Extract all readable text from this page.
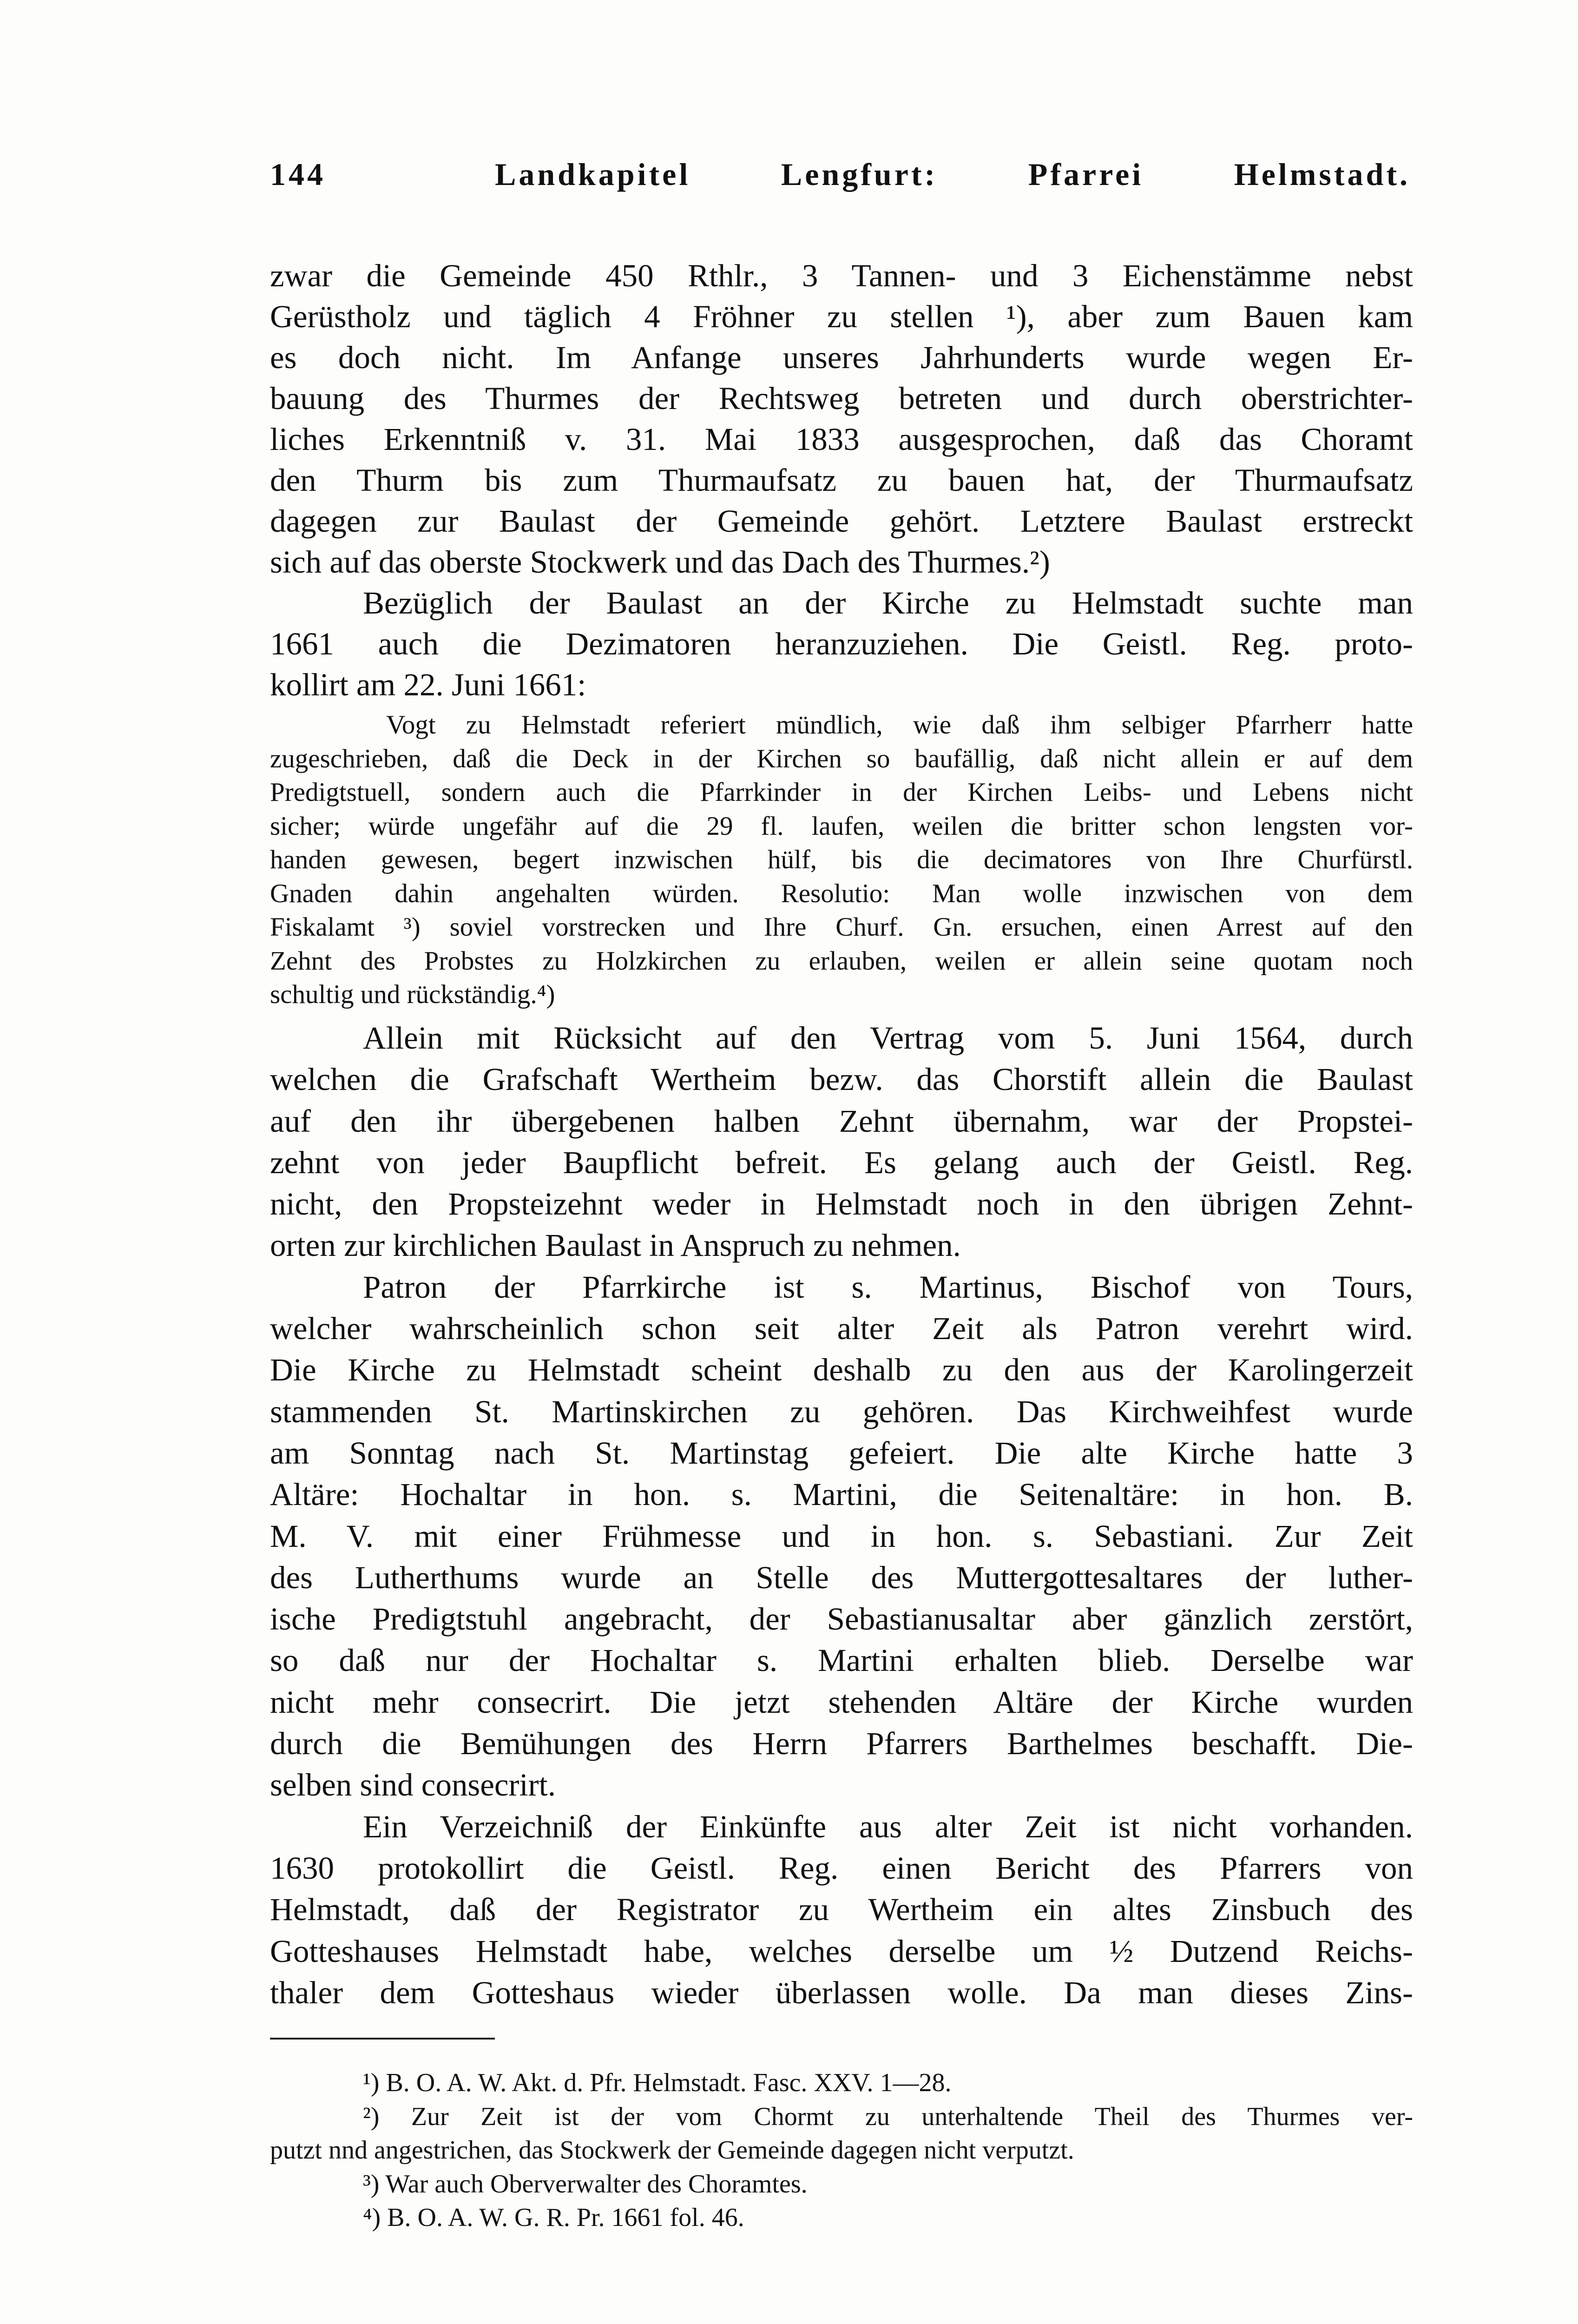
144	Landkapitel Lengfurt: Pfarrei Helmstadt.
zwar die Gemeinde 450 Rthlr., 3 Tannen- und 3 Eichenstämme nebst
Gerüstholz und täglich 4 Fröhner zu stellen ¹), aber zum Bauen kam
es doch nicht. Im Anfange unseres Jahrhunderts wurde wegen Er-
bauung des Thurmes der Rechtsweg betreten und durch oberstrichter-
liches Erkenntniß v. 31. Mai 1833 ausgesprochen, daß das Choramt
den Thurm bis zum Thurmaufsatz zu bauen hat, der Thurmaufsatz
dagegen zur Baulast der Gemeinde gehört. Letztere Baulast erstreckt
sich auf das oberste Stockwerk und das Dach des Thurmes.²)
Bezüglich der Baulast an der Kirche zu Helmstadt suchte man
1661 auch die Dezimatoren heranzuziehen. Die Geistl. Reg. proto-
kollirt am 22. Juni 1661:
Vogt zu Helmstadt referiert mündlich, wie daß ihm selbiger Pfarrherr hatte
zugeschrieben, daß die Deck in der Kirchen so baufällig, daß nicht allein er auf dem
Predigtstuell, sondern auch die Pfarrkinder in der Kirchen Leibs- und Lebens nicht
sicher; würde ungefähr auf die 29 fl. laufen, weilen die britter schon lengsten vor-
handen gewesen, begert inzwischen hülf, bis die decimatores von Ihre Churfürstl.
Gnaden dahin angehalten würden. Resolutio: Man wolle inzwischen von dem
Fiskalamt ³) soviel vorstrecken und Ihre Churf. Gn. ersuchen, einen Arrest auf den
Zehnt des Probstes zu Holzkirchen zu erlauben, weilen er allein seine quotam noch
schultig und rückständig.⁴)
Allein mit Rücksicht auf den Vertrag vom 5. Juni 1564, durch
welchen die Grafschaft Wertheim bezw. das Chorstift allein die Baulast
auf den ihr übergebenen halben Zehnt übernahm, war der Propstei-
zehnt von jeder Baupflicht befreit. Es gelang auch der Geistl. Reg.
nicht, den Propsteizehnt weder in Helmstadt noch in den übrigen Zehnt-
orten zur kirchlichen Baulast in Anspruch zu nehmen.
Patron der Pfarrkirche ist s. Martinus, Bischof von Tours,
welcher wahrscheinlich schon seit alter Zeit als Patron verehrt wird.
Die Kirche zu Helmstadt scheint deshalb zu den aus der Karolingerzeit
stammenden St. Martinskirchen zu gehören. Das Kirchweihfest wurde
am Sonntag nach St. Martinstag gefeiert. Die alte Kirche hatte 3
Altäre: Hochaltar in hon. s. Martini, die Seitenaltäre: in hon. B.
M. V. mit einer Frühmesse und in hon. s. Sebastiani. Zur Zeit
des Lutherthums wurde an Stelle des Muttergottesaltares der luther-
ische Predigtstuhl angebracht, der Sebastianusaltar aber gänzlich zerstört,
so daß nur der Hochaltar s. Martini erhalten blieb. Derselbe war
nicht mehr consecrirt. Die jetzt stehenden Altäre der Kirche wurden
durch die Bemühungen des Herrn Pfarrers Barthelmes beschafft. Die-
selben sind consecrirt.
Ein Verzeichniß der Einkünfte aus alter Zeit ist nicht vorhanden.
1630 protokollirt die Geistl. Reg. einen Bericht des Pfarrers von
Helmstadt, daß der Registrator zu Wertheim ein altes Zinsbuch des
Gotteshauses Helmstadt habe, welches derselbe um ½ Dutzend Reichs-
thaler dem Gotteshaus wieder überlassen wolle. Da man dieses Zins-
¹) B. O. A. W. Akt. d. Pfr. Helmstadt. Fasc. XXV. 1—28.
²) Zur Zeit ist der vom Chormt zu unterhaltende Theil des Thurmes ver-
putzt nnd angestrichen, das Stockwerk der Gemeinde dagegen nicht verputzt.
³) War auch Oberverwalter des Choramtes.
⁴) B. O. A. W. G. R. Pr. 1661 fol. 46.
